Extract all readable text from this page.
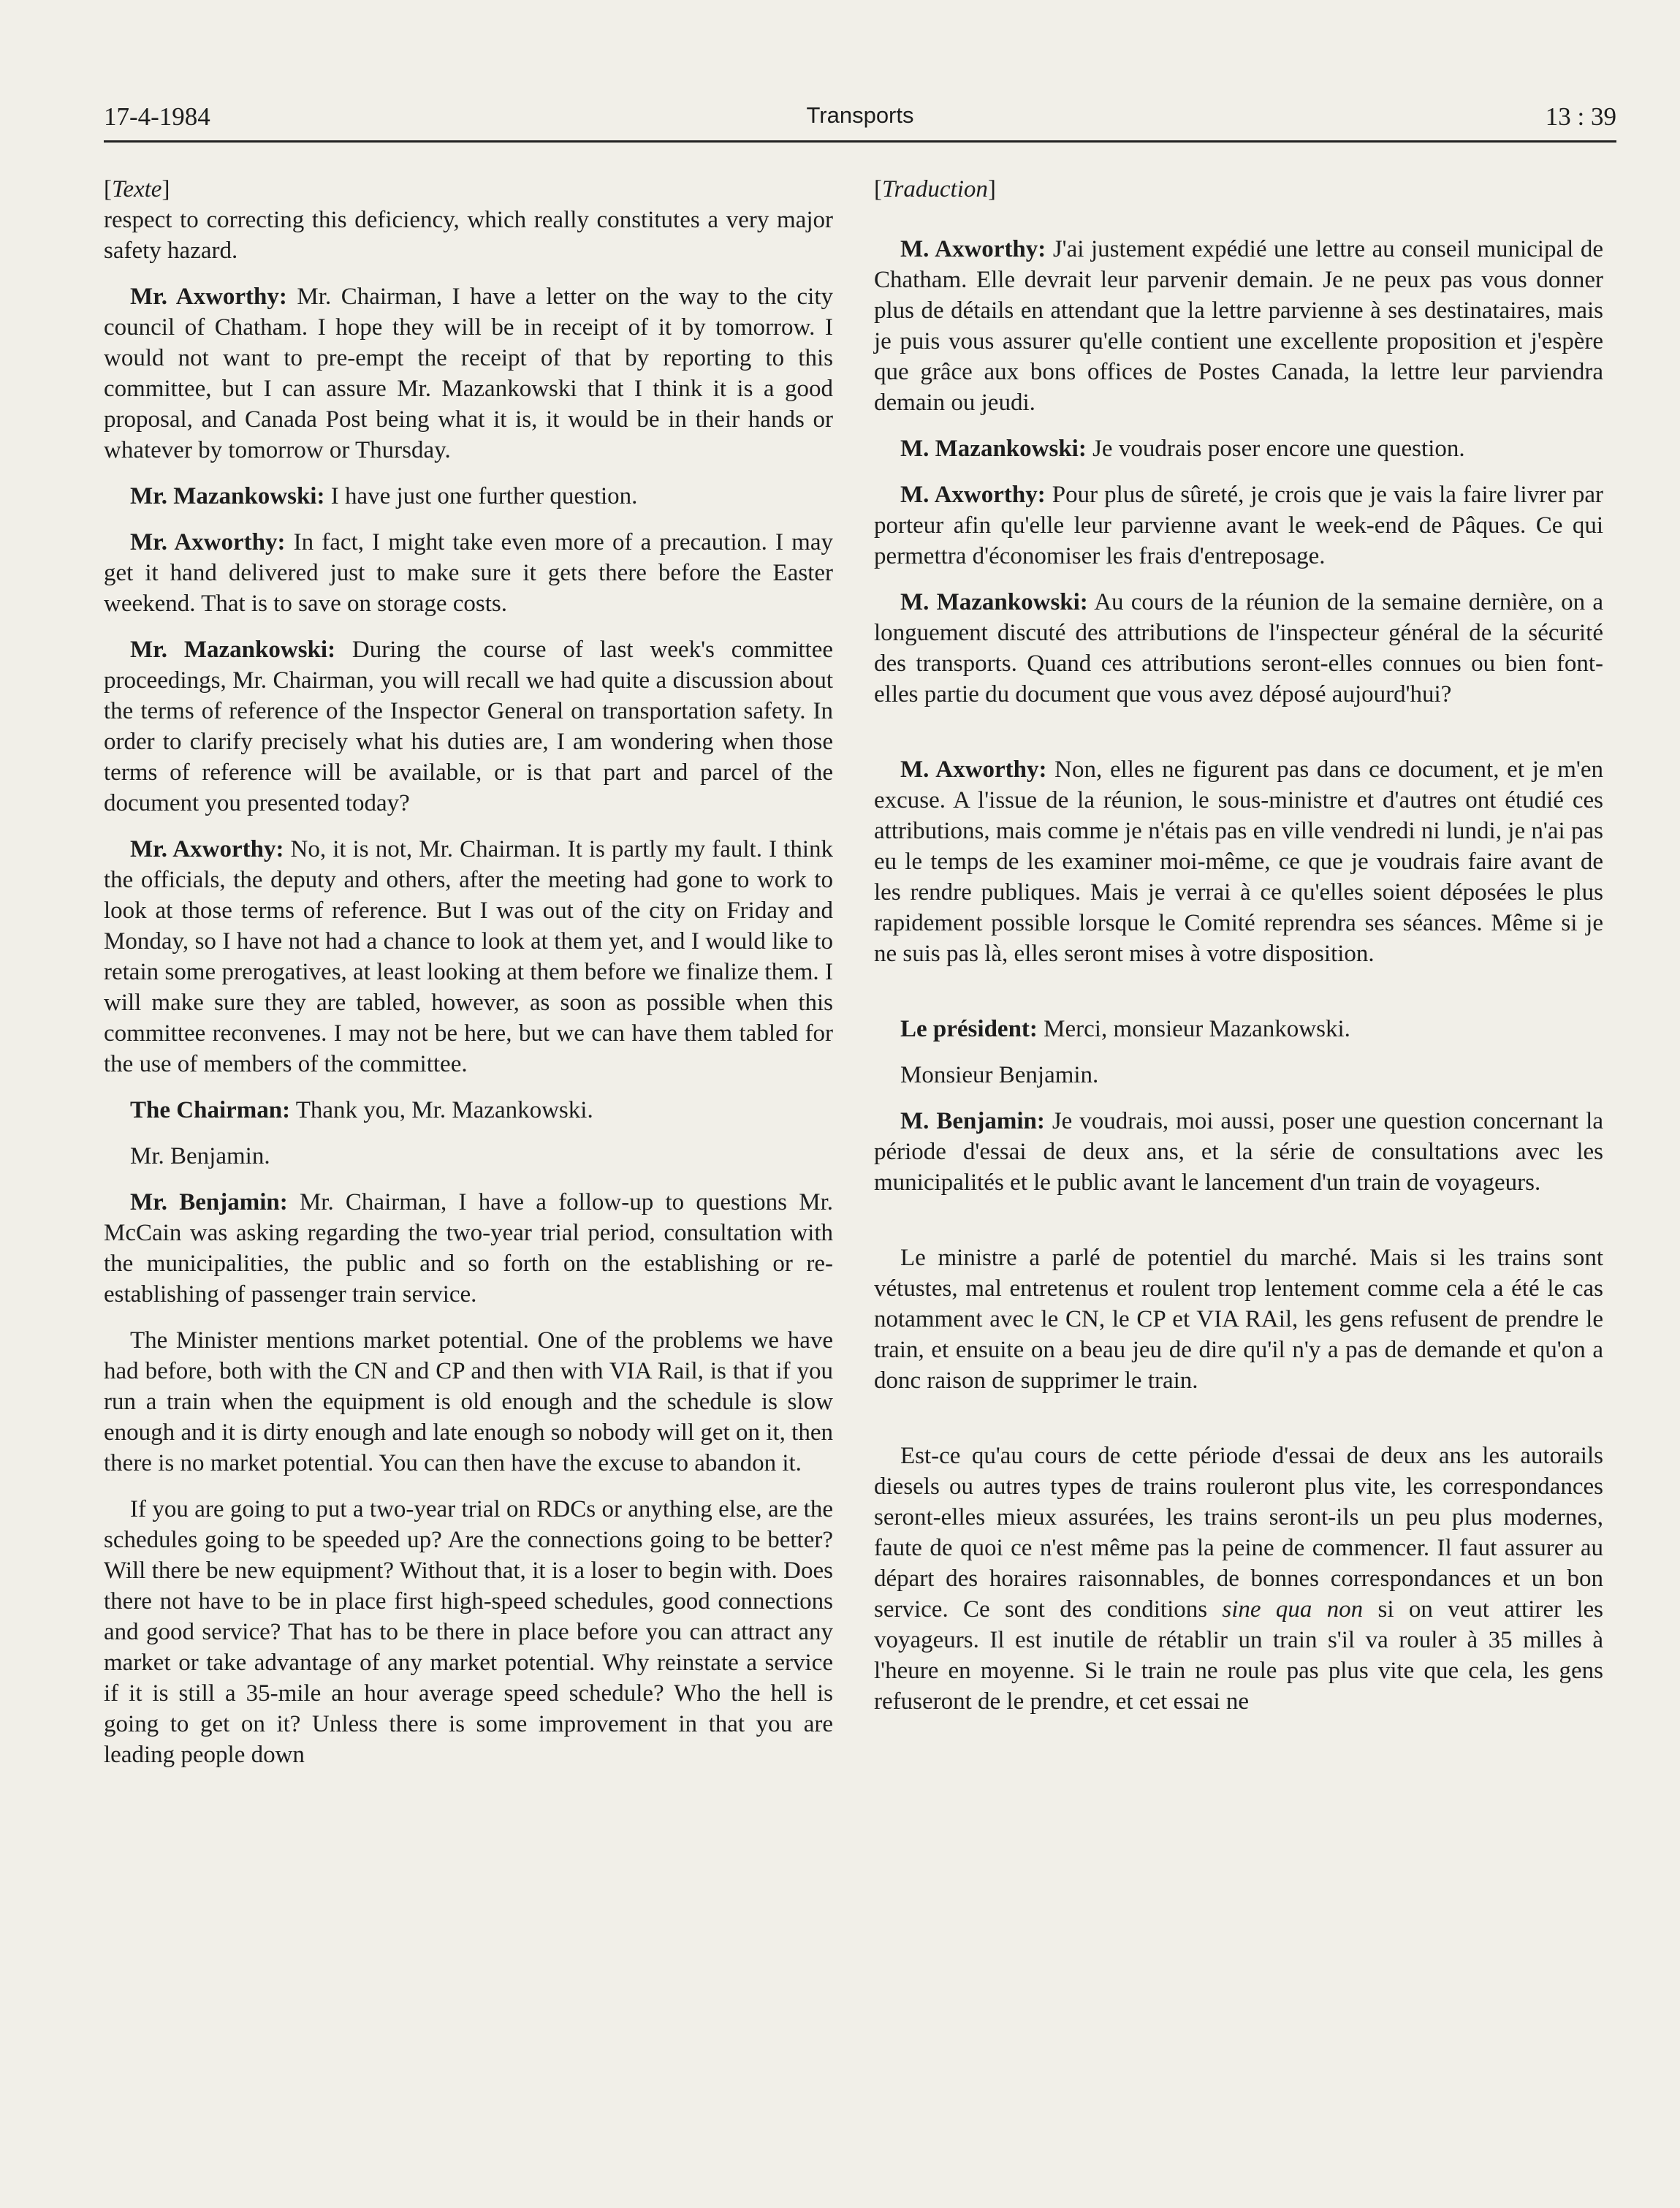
17-4-1984	Transports	13 : 39

[Texte]

respect to correcting this deficiency, which really constitutes a very major safety hazard.

Mr. Axworthy: Mr. Chairman, I have a letter on the way to the city council of Chatham. I hope they will be in receipt of it by tomorrow. I would not want to pre-empt the receipt of that by reporting to this committee, but I can assure Mr. Mazankowski that I think it is a good proposal, and Canada Post being what it is, it would be in their hands or whatever by tomorrow or Thursday.

Mr. Mazankowski: I have just one further question.

Mr. Axworthy: In fact, I might take even more of a precaution. I may get it hand delivered just to make sure it gets there before the Easter weekend. That is to save on storage costs.

Mr. Mazankowski: During the course of last week's committee proceedings, Mr. Chairman, you will recall we had quite a discussion about the terms of reference of the Inspector General on transportation safety. In order to clarify precisely what his duties are, I am wondering when those terms of reference will be available, or is that part and parcel of the document you presented today?

Mr. Axworthy: No, it is not, Mr. Chairman. It is partly my fault. I think the officials, the deputy and others, after the meeting had gone to work to look at those terms of reference. But I was out of the city on Friday and Monday, so I have not had a chance to look at them yet, and I would like to retain some prerogatives, at least looking at them before we finalize them. I will make sure they are tabled, however, as soon as possible when this committee reconvenes. I may not be here, but we can have them tabled for the use of members of the committee.

The Chairman: Thank you, Mr. Mazankowski.

Mr. Benjamin.

Mr. Benjamin: Mr. Chairman, I have a follow-up to questions Mr. McCain was asking regarding the two-year trial period, consultation with the municipalities, the public and so forth on the establishing or re-establishing of passenger train service.

The Minister mentions market potential. One of the problems we have had before, both with the CN and CP and then with VIA Rail, is that if you run a train when the equipment is old enough and the schedule is slow enough and it is dirty enough and late enough so nobody will get on it, then there is no market potential. You can then have the excuse to abandon it.

If you are going to put a two-year trial on RDCs or anything else, are the schedules going to be speeded up? Are the connections going to be better? Will there be new equipment? Without that, it is a loser to begin with. Does there not have to be in place first high-speed schedules, good connections and good service? That has to be there in place before you can attract any market or take advantage of any market potential. Why reinstate a service if it is still a 35-mile an hour average speed schedule? Who the hell is going to get on it? Unless there is some improvement in that you are leading people down

[Traduction]

M. Axworthy: J'ai justement expédié une lettre au conseil municipal de Chatham. Elle devrait leur parvenir demain. Je ne peux pas vous donner plus de détails en attendant que la lettre parvienne à ses destinataires, mais je puis vous assurer qu'elle contient une excellente proposition et j'espère que grâce aux bons offices de Postes Canada, la lettre leur parviendra demain ou jeudi.

M. Mazankowski: Je voudrais poser encore une question.

M. Axworthy: Pour plus de sûreté, je crois que je vais la faire livrer par porteur afin qu'elle leur parvienne avant le week-end de Pâques. Ce qui permettra d'économiser les frais d'entreposage.

M. Mazankowski: Au cours de la réunion de la semaine dernière, on a longuement discuté des attributions de l'inspecteur général de la sécurité des transports. Quand ces attributions seront-elles connues ou bien font-elles partie du document que vous avez déposé aujourd'hui?

M. Axworthy: Non, elles ne figurent pas dans ce document, et je m'en excuse. A l'issue de la réunion, le sous-ministre et d'autres ont étudié ces attributions, mais comme je n'étais pas en ville vendredi ni lundi, je n'ai pas eu le temps de les examiner moi-même, ce que je voudrais faire avant de les rendre publiques. Mais je verrai à ce qu'elles soient déposées le plus rapidement possible lorsque le Comité reprendra ses séances. Même si je ne suis pas là, elles seront mises à votre disposition.

Le président: Merci, monsieur Mazankowski.

Monsieur Benjamin.

M. Benjamin: Je voudrais, moi aussi, poser une question concernant la période d'essai de deux ans, et la série de consultations avec les municipalités et le public avant le lancement d'un train de voyageurs.

Le ministre a parlé de potentiel du marché. Mais si les trains sont vétustes, mal entretenus et roulent trop lentement comme cela a été le cas notamment avec le CN, le CP et VIA RAil, les gens refusent de prendre le train, et ensuite on a beau jeu de dire qu'il n'y a pas de demande et qu'on a donc raison de supprimer le train.

Est-ce qu'au cours de cette période d'essai de deux ans les autorails diesels ou autres types de trains rouleront plus vite, les correspondances seront-elles mieux assurées, les trains seront-ils un peu plus modernes, faute de quoi ce n'est même pas la peine de commencer. Il faut assurer au départ des horaires raisonnables, de bonnes correspondances et un bon service. Ce sont des conditions sine qua non si on veut attirer les voyageurs. Il est inutile de rétablir un train s'il va rouler à 35 milles à l'heure en moyenne. Si le train ne roule pas plus vite que cela, les gens refuseront de le prendre, et cet essai ne
